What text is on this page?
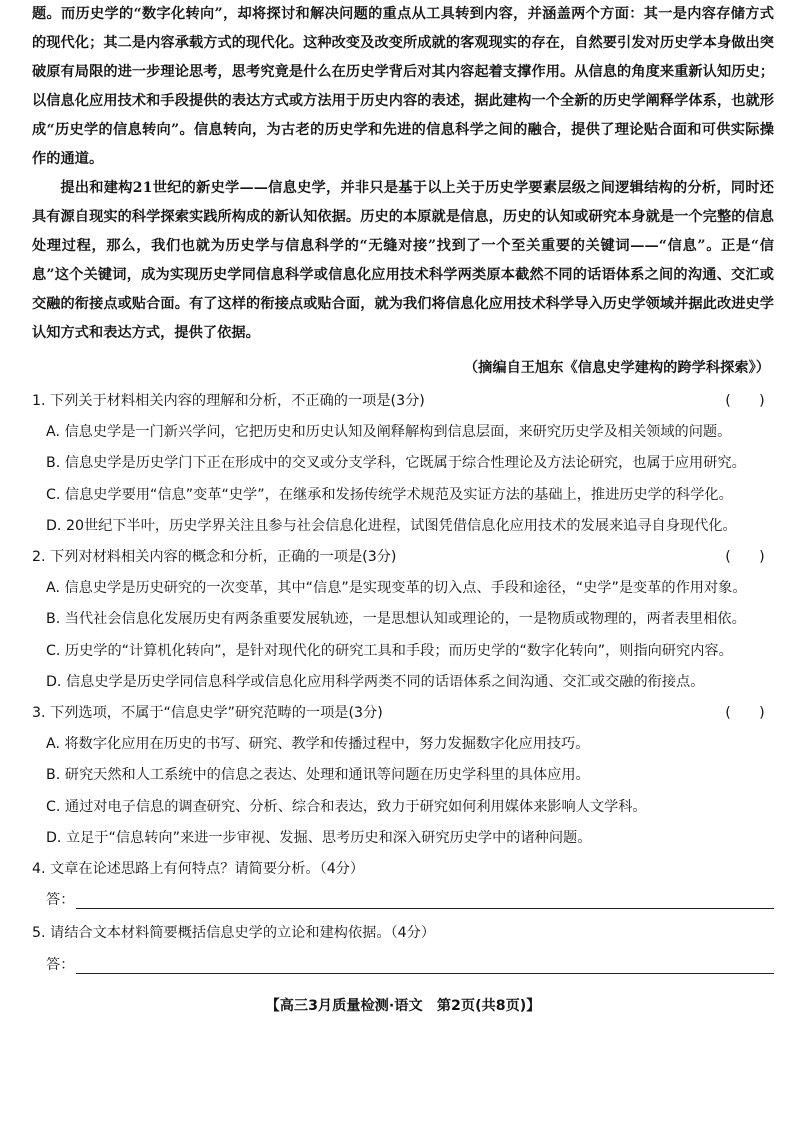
题。而历史学的“数字化转向”，却将探讨和解决问题的重点从工具转到内容，并涵盖两个方面：其一是内容存储方式的现代化；其二是内容承载方式的现代化。这种改变及改变所成就的客观现实的存在，自然要引发对历史学本身做出突破原有局限的进一步理论思考，思考究竟是什么在历史学背后对其内容起着支撑作用。从信息的角度来重新认知历史；以信息化应用技术和手段提供的表达方式或方法用于历史内容的表述，据此建构一个全新的历史学阐释学体系，也就形成“历史学的信息转向”。信息转向，为古老的历史学和先进的信息科学之间的融合，提供了理论贴合面和可供实际操作的通道。

提出和建构21世纪的新史学——信息史学，并非只是基于以上关于历史学要素层级之间逻辑结构的分析，同时还具有源自现实的科学探索实践所构成的新认知依据。历史的本原就是信息，历史的认知或研究本身就是一个完整的信息处理过程，那么，我们也就为历史学与信息科学的“无缝对接”找到了一个至关重要的关键词——“信息”。正是“信息”这个关键词，成为实现历史学同信息科学或信息化应用技术科学两类原本截然不同的话语体系之间的沟通、交汇或交融的衔接点或贴合面。有了这样的衔接点或贴合面，就为我们将信息化应用技术科学导入历史学领域并据此改进史学认知方式和表达方式，提供了依据。

（摘编自王旭东《信息史学建构的跨学科探索》）
1. 下列关于材料相关内容的理解和分析，不正确的一项是(3分)	(　　)
A. 信息史学是一门新兴学问，它把历史和历史认知及阐释解构到信息层面，来研究历史学及相关领域的问题。
B. 信息史学是历史学门下正在形成中的交叉或分支学科，它既属于综合性理论及方法论研究，也属于应用研究。
C. 信息史学要用“信息”变革“史学”，在继承和发扬传统学术规范及实证方法的基础上，推进历史学的科学化。
D. 20世纪下半叶，历史学界关注且参与社会信息化进程，试图凭借信息化应用技术的发展来追寻自身现代化。
2. 下列对材料相关内容的概念和分析，正确的一项是(3分)	(　　)
A. 信息史学是历史研究的一次变革，其中“信息”是实现变革的切入点、手段和途径，“史学”是变革的作用对象。
B. 当代社会信息化发展历史有两条重要发展轨迹，一是思想认知或理论的，一是物质或物理的，两者表里相依。
C. 历史学的“计算机化转向”，是针对现代化的研究工具和手段；而历史学的“数字化转向”，则指向研究内容。
D. 信息史学是历史学同信息科学或信息化应用科学两类不同的话语体系之间沟通、交汇或交融的衔接点。
3. 下列选项，不属于“信息史学”研究范畴的一项是(3分)	(　　)
A. 将数字化应用在历史的书写、研究、教学和传播过程中，努力发掘数字化应用技巧。
B. 研究天然和人工系统中的信息之表达、处理和通讯等问题在历史学科里的具体应用。
C. 通过对电子信息的调查研究、分析、综合和表达，致力于研究如何利用媒体来影响人文学科。
D. 立足于“信息转向”来进一步审视、发掘、思考历史和深入研究历史学中的诸种问题。
4. 文章在论述思路上有何特点？请简要分析。（4分）
答：
5. 请结合文本材料简要概括信息史学的立论和建构依据。（4分）
答：
【高三3月质量检测·语文　第2页(共8页)】
